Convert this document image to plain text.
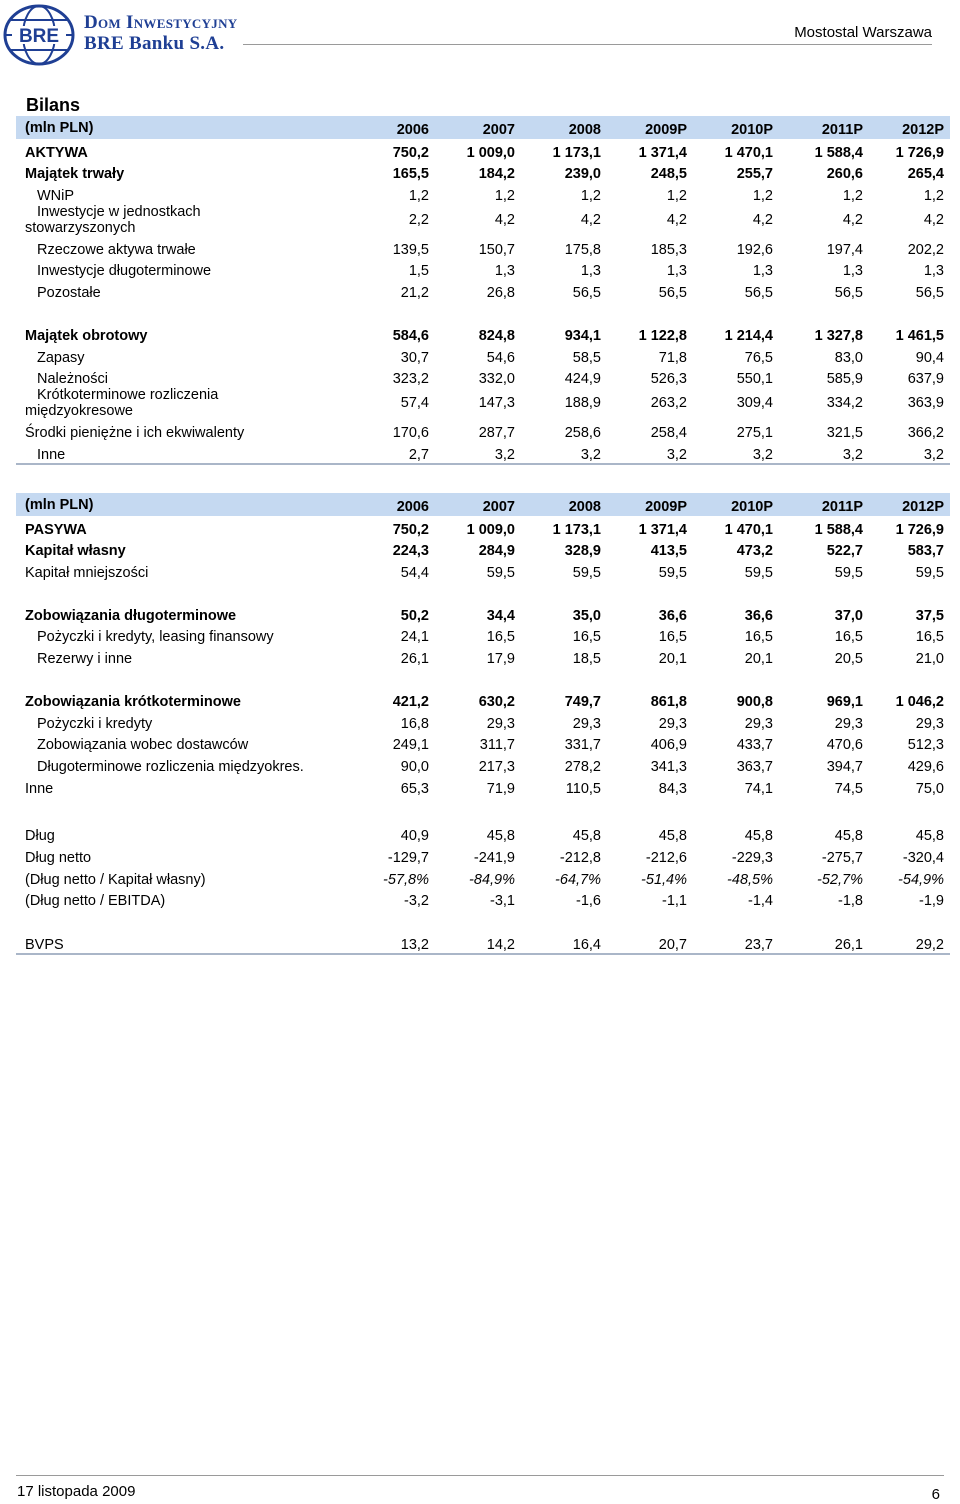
BRE
Dom Inwestycyjny
BRE Banku S.A.
Mostostal Warszawa
Bilans
(mln PLN)	2006	2007	2008	2009P	2010P	2011P	2012P
AKTYWA	750,2	1 009,0	1 173,1	1 371,4	1 470,1	1 588,4	1 726,9
Majątek trwały	165,5	184,2	239,0	248,5	255,7	260,6	265,4
WNiP	1,2	1,2	1,2	1,2	1,2	1,2	1,2

Inwestycje w jednostkach
stowarzyszonych	2,2	4,2	4,2	4,2	4,2	4,2	4,2
Rzeczowe aktywa trwałe	139,5	150,7	175,8	185,3	192,6	197,4	202,2
Inwestycje długoterminowe	1,5	1,3	1,3	1,3	1,3	1,3	1,3
Pozostałe	21,2	26,8	56,5	56,5	56,5	56,5	56,5

Majątek obrotowy	584,6	824,8	934,1	1 122,8	1 214,4	1 327,8	1 461,5
Zapasy	30,7	54,6	58,5	71,8	76,5	83,0	90,4
Należności	323,2	332,0	424,9	526,3	550,1	585,9	637,9

Krótkoterminowe rozliczenia
międzyokresowe	57,4	147,3	188,9	263,2	309,4	334,2	363,9
Środki pieniężne i ich ekwiwalenty	170,6	287,7	258,6	258,4	275,1	321,5	366,2
Inne	2,7	3,2	3,2	3,2	3,2	3,2	3,2
(mln PLN)	2006	2007	2008	2009P	2010P	2011P	2012P
PASYWA	750,2	1 009,0	1 173,1	1 371,4	1 470,1	1 588,4	1 726,9
Kapitał własny	224,3	284,9	328,9	413,5	473,2	522,7	583,7
Kapitał mniejszości	54,4	59,5	59,5	59,5	59,5	59,5	59,5

Zobowiązania długoterminowe	50,2	34,4	35,0	36,6	36,6	37,0	37,5
Pożyczki i kredyty, leasing finansowy	24,1	16,5	16,5	16,5	16,5	16,5	16,5
Rezerwy i inne	26,1	17,9	18,5	20,1	20,1	20,5	21,0

Zobowiązania krótkoterminowe	421,2	630,2	749,7	861,8	900,8	969,1	1 046,2
Pożyczki i kredyty	16,8	29,3	29,3	29,3	29,3	29,3	29,3
Zobowiązania wobec dostawców	249,1	311,7	331,7	406,9	433,7	470,6	512,3
Długoterminowe rozliczenia międzyokres.	90,0	217,3	278,2	341,3	363,7	394,7	429,6
Inne	65,3	71,9	110,5	84,3	74,1	74,5	75,0

Dług	40,9	45,8	45,8	45,8	45,8	45,8	45,8
Dług netto	-129,7	-241,9	-212,8	-212,6	-229,3	-275,7	-320,4
(Dług netto / Kapitał własny)	-57,8%	-84,9%	-64,7%	-51,4%	-48,5%	-52,7%	-54,9%
(Dług netto / EBITDA)	-3,2	-3,1	-1,6	-1,1	-1,4	-1,8	-1,9

BVPS	13,2	14,2	16,4	20,7	23,7	26,1	29,2
17 listopada 2009	6
